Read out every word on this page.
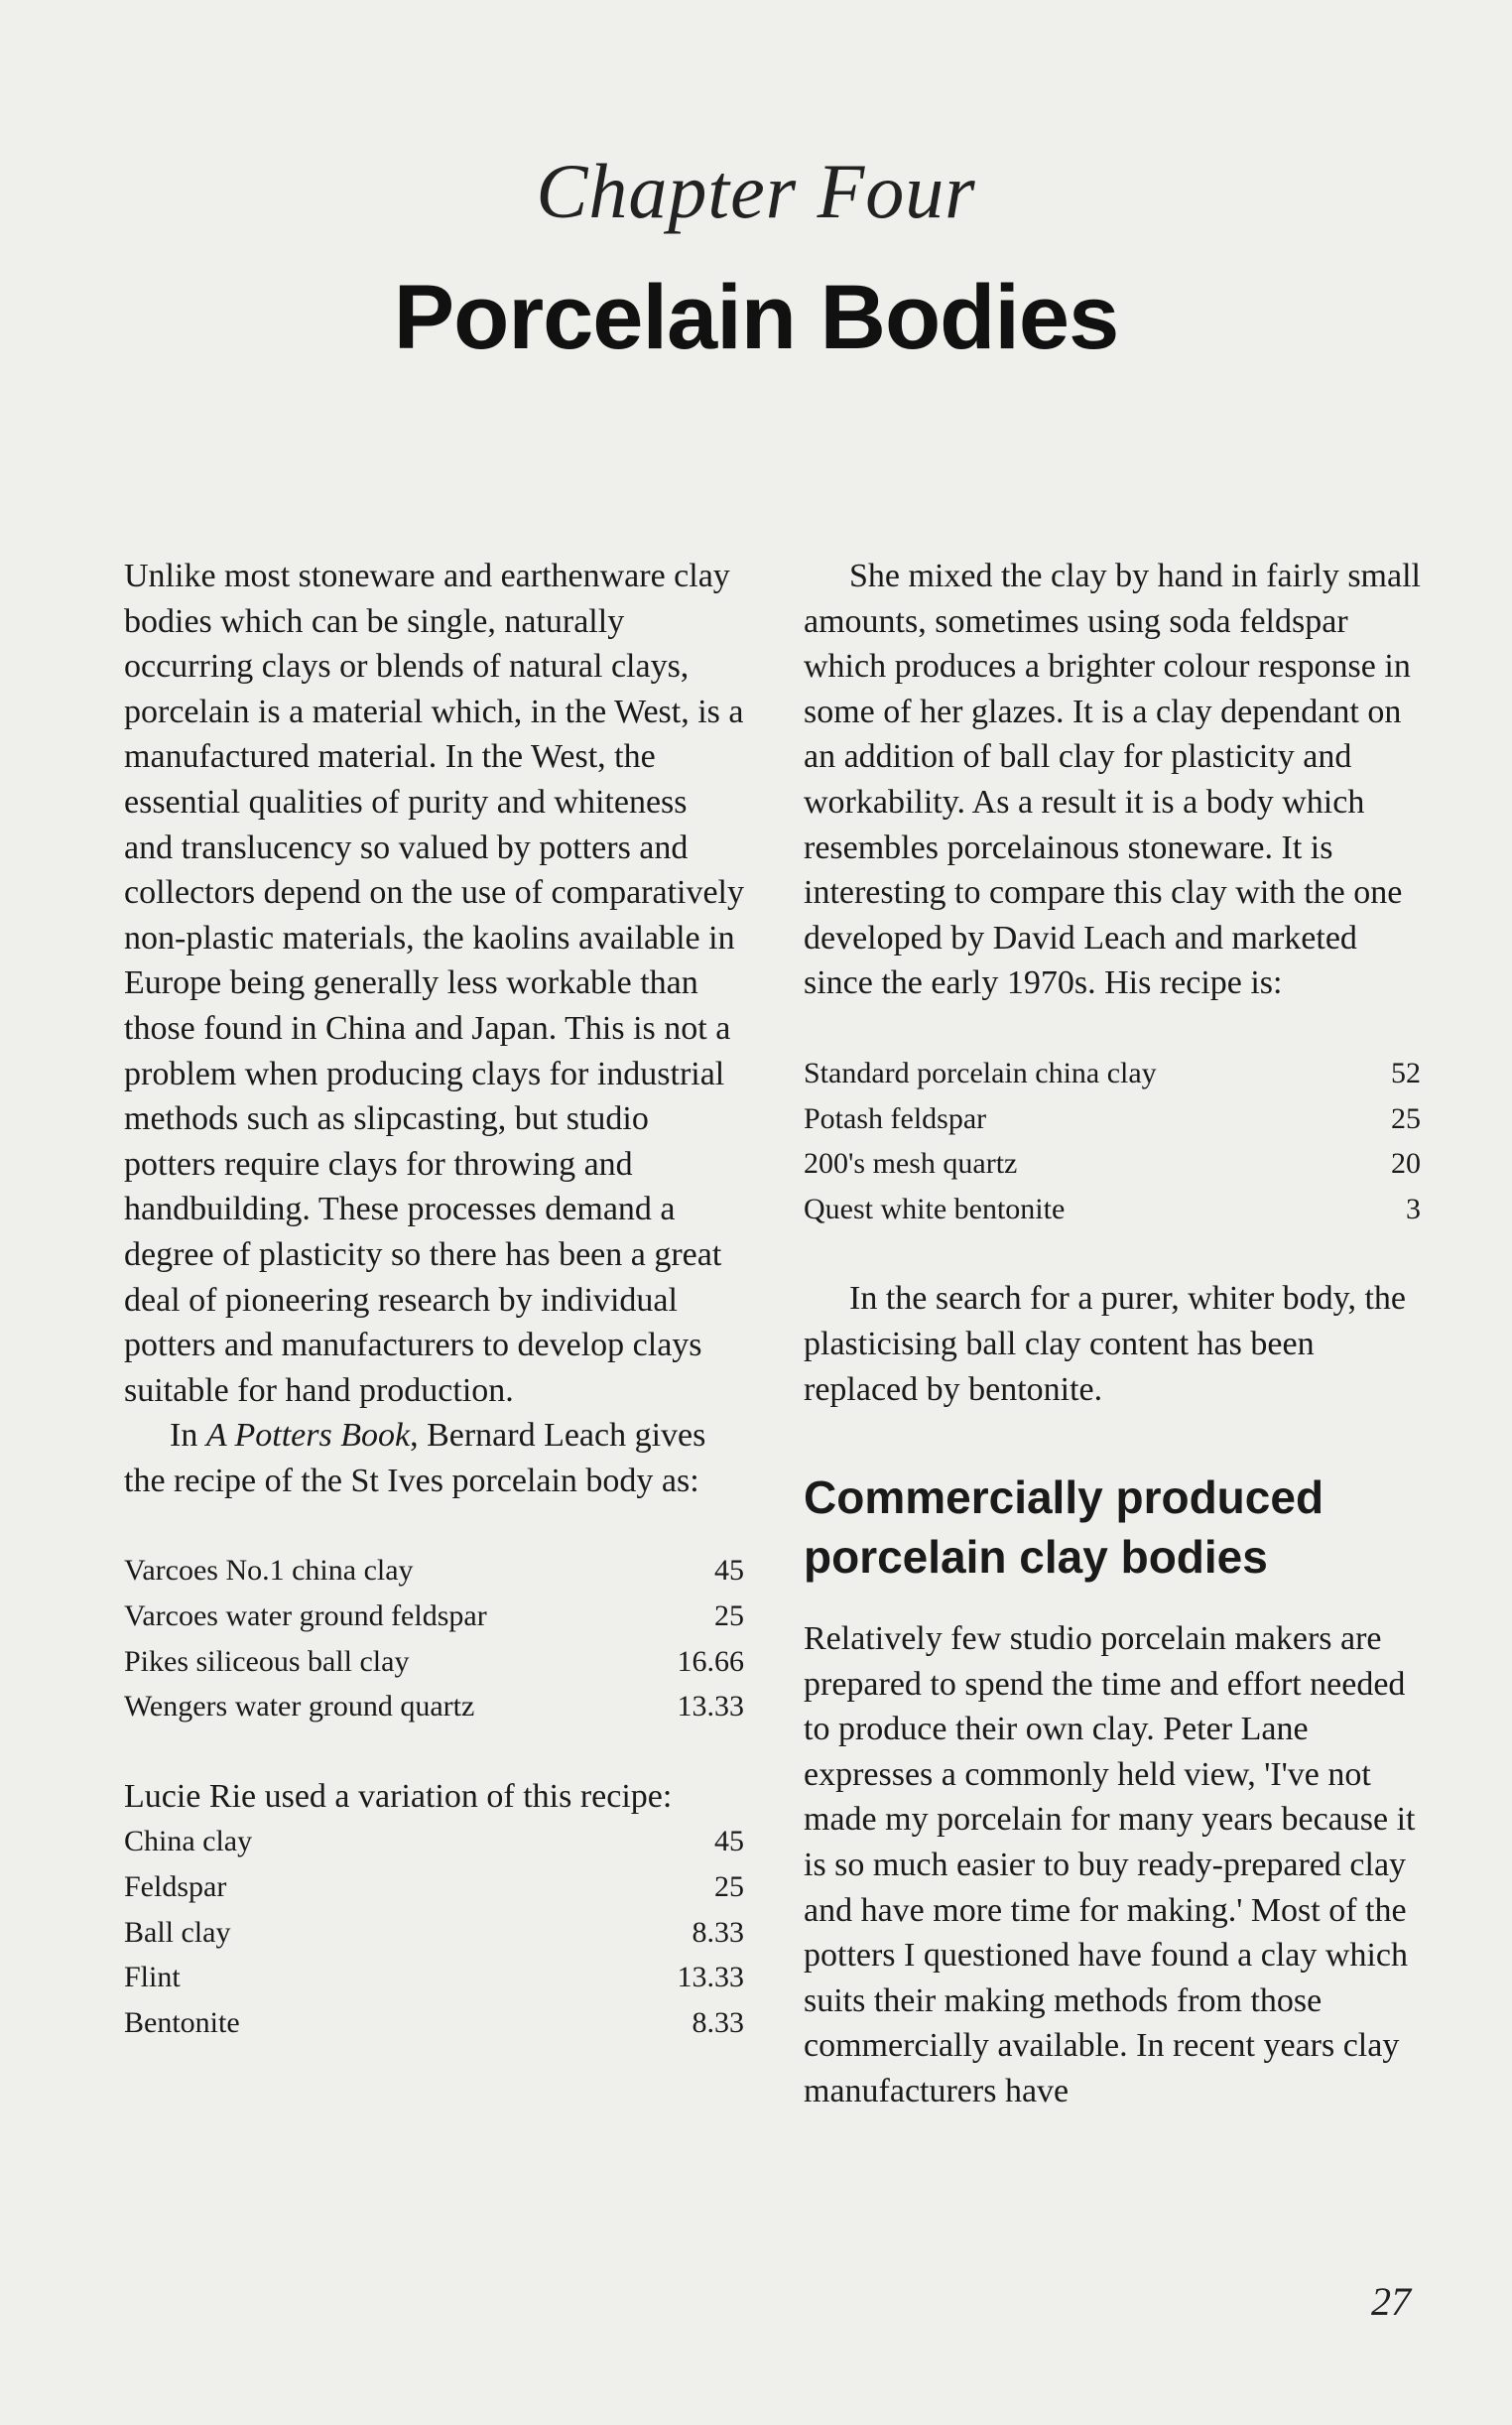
Chapter Four
Porcelain Bodies

Unlike most stoneware and earthenware clay bodies which can be single, naturally occurring clays or blends of natural clays, porcelain is a material which, in the West, is a manufactured material. In the West, the essential qualities of purity and whiteness and translucency so valued by potters and collectors depend on the use of comparatively non-plastic materials, the kaolins available in Europe being generally less workable than those found in China and Japan. This is not a problem when producing clays for industrial methods such as slipcasting, but studio potters require clays for throwing and handbuilding. These processes demand a degree of plasticity so there has been a great deal of pioneering research by individual potters and manufacturers to develop clays suitable for hand production.

In A Potters Book, Bernard Leach gives the recipe of the St Ives porcelain body as:

Varcoes No.1 china clay	45
Varcoes water ground feldspar	25
Pikes siliceous ball clay	16.66
Wengers water ground quartz	13.33

Lucie Rie used a variation of this recipe:

China clay	45
Feldspar	25
Ball clay	8.33
Flint	13.33
Bentonite	8.33

She mixed the clay by hand in fairly small amounts, sometimes using soda feldspar which produces a brighter colour response in some of her glazes. It is a clay dependant on an addition of ball clay for plasticity and workability. As a result it is a body which resembles porcelainous stoneware. It is interesting to compare this clay with the one developed by David Leach and marketed since the early 1970s. His recipe is:

Standard porcelain china clay	52
Potash feldspar	25
200's mesh quartz	20
Quest white bentonite	3

In the search for a purer, whiter body, the plasticising ball clay content has been replaced by bentonite.

Commercially produced porcelain clay bodies

Relatively few studio porcelain makers are prepared to spend the time and effort needed to produce their own clay. Peter Lane expresses a commonly held view, 'I've not made my porcelain for many years because it is so much easier to buy ready-prepared clay and have more time for making.' Most of the potters I questioned have found a clay which suits their making methods from those commercially available. In recent years clay manufacturers have

27
